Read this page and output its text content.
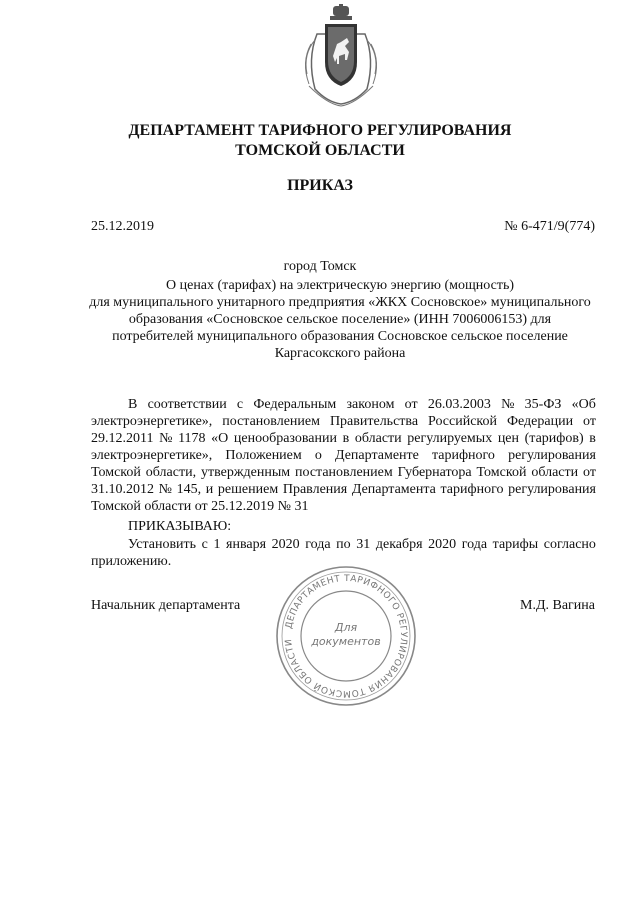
ДЕПАРТАМЕНТ ТАРИФНОГО РЕГУЛИРОВАНИЯ
ТОМСКОЙ ОБЛАСТИ
ПРИКАЗ
25.12.2019	№ 6-471/9(774)
город Томск
О ценах (тарифах) на электрическую энергию (мощность)
для муниципального унитарного предприятия «ЖКХ Сосновское» муниципального
образования «Сосновское сельское поселение» (ИНН 7006006153) для
потребителей муниципального образования Сосновское сельское поселение
Каргасокского района
В соответствии с Федеральным законом от 26.03.2003 № 35-ФЗ «Об
электроэнергетике», постановлением Правительства Российской Федерации от
29.12.2011 № 1178 «О ценообразовании в области регулируемых цен (тарифов) в
электроэнергетике», Положением о Департаменте тарифного регулирования
Томской области, утвержденным постановлением Губернатора Томской области от
31.10.2012 № 145, и решением Правления Департамента тарифного регулирования
Томской области от 25.12.2019 № 31
ПРИКАЗЫВАЮ:
Установить с 1 января 2020 года по 31 декабря 2020 года тарифы согласно
приложению.
Начальник департамента	М.Д. Вагина
ДЕПАРТАМЕНТ ТАРИФНОГО РЕГУЛИРОВАНИЯ ТОМСКОЙ ОБЛАСТИ
Для
документов
